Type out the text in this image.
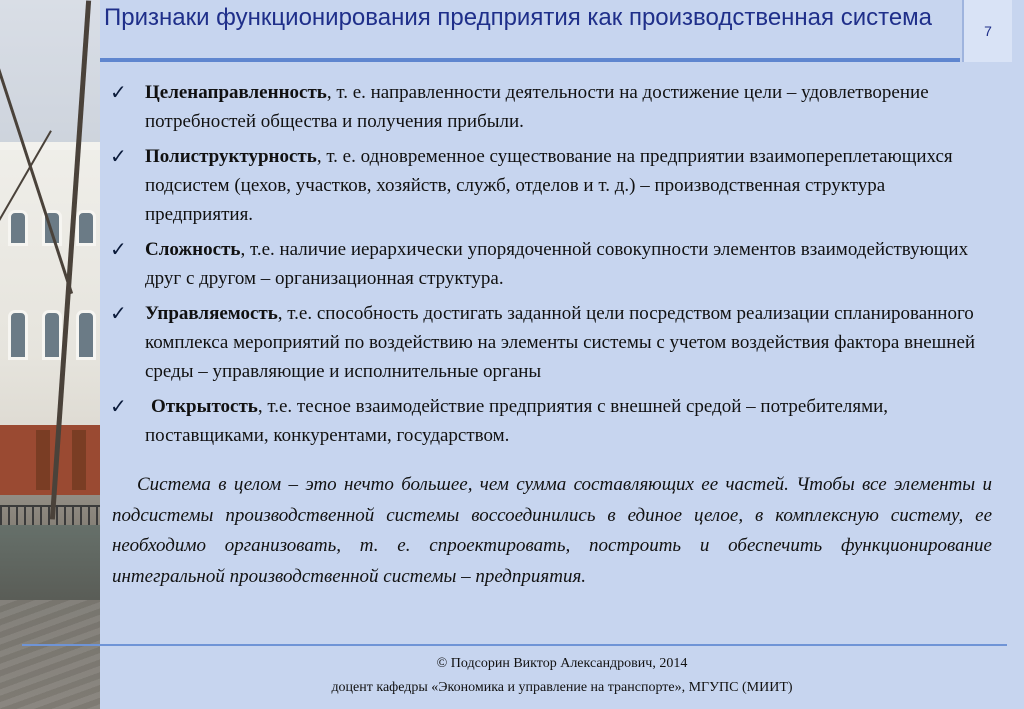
Признаки функционирования предприятия как производственная система	7
✓ Целенаправленность, т. е. направленности деятельности на достижение цели – удовлетворение потребностей общества и получения прибыли.
✓ Полиструктурность, т. е. одновременное существование на предприятии взаимопереплетающихся подсистем (цехов, участков, хозяйств, служб, отделов и т. д.) – производственная структура предприятия.
✓ Сложность, т.е. наличие иерархически упорядоченной совокупности элементов взаимодействующих друг с другом – организационная структура.
✓ Управляемость, т.е. способность достигать заданной цели посредством реализации спланированного комплекса мероприятий по воздействию на элементы системы с учетом воздействия фактора внешней среды – управляющие и исполнительные органы
✓ Открытость, т.е. тесное взаимодействие предприятия с внешней средой – потребителями, поставщиками, конкурентами, государством.

Система в целом – это нечто большее, чем сумма составляющих ее частей. Чтобы все элементы и подсистемы производственной системы воссоединились в единое целое, в комплексную систему, ее необходимо организовать, т. е. спроектировать, построить и обеспечить функционирование интегральной производственной системы – предприятия.

© Подсорин Виктор Александрович, 2014
доцент кафедры «Экономика и управление на транспорте», МГУПС (МИИТ)
